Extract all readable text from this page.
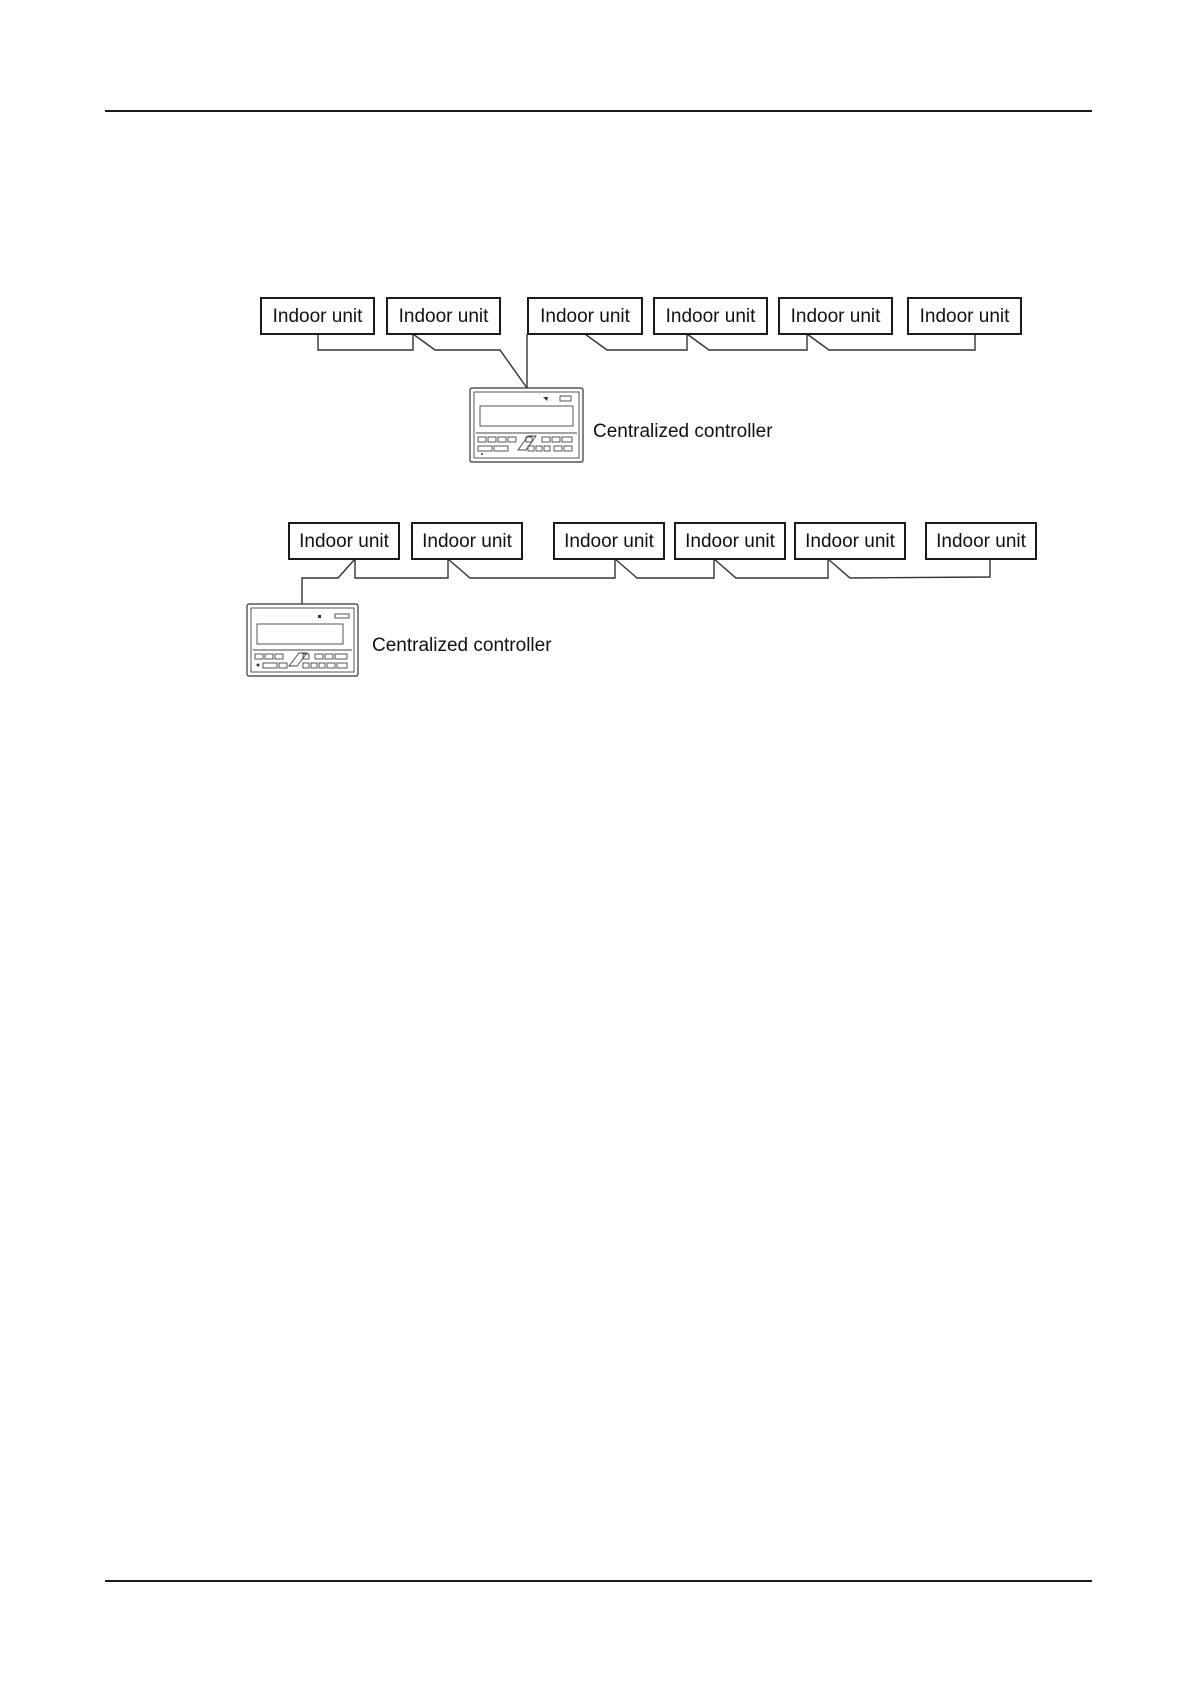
Indoor unit Indoor unit	Indoor unit Indoor unit Indoor unit Indoor unit
Centralized controller
Indoor unit Indoor unit	Indoor unit Indoor unit Indoor unit Indoor unit
Centralized controller
